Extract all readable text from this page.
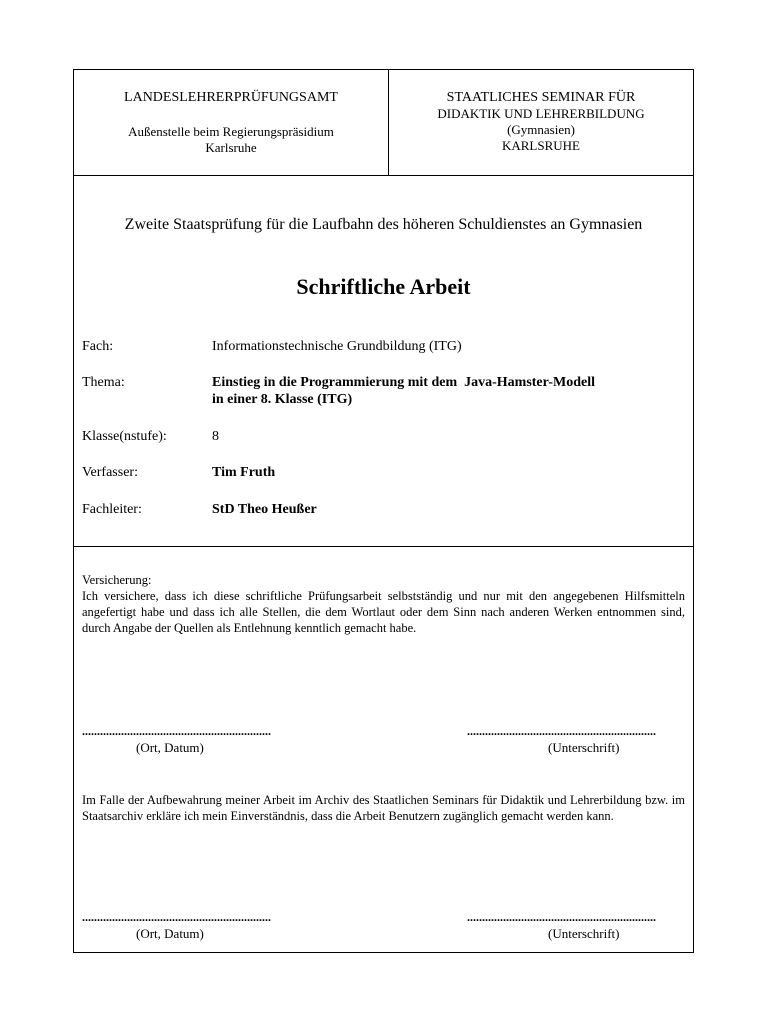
LANDESLEHRERPRÜFUNGSAMT
Außenstelle beim Regierungspräsidium
Karlsruhe
STAATLICHES SEMINAR FÜR
DIDAKTIK UND LEHRERBILDUNG
(Gymnasien)
KARLSRUHE
Zweite Staatsprüfung für die Laufbahn des höheren Schuldienstes an Gymnasien
Schriftliche Arbeit
Fach:	Informationstechnische Grundbildung (ITG)
Thema:	Einstieg in die Programmierung mit dem  Java-Hamster-Modell
in einer 8. Klasse (ITG)
Klasse(nstufe):	8
Verfasser:	Tim Fruth
Fachleiter:	StD Theo Heußer
Versicherung:
Ich versichere, dass ich diese schriftliche Prüfungsarbeit selbstständig und nur mit den angegebenen Hilfsmitteln angefertigt habe und dass ich alle Stellen, die dem Wortlaut oder dem Sinn nach anderen Werken entnommen sind, durch Angabe der Quellen als Entlehnung kenntlich gemacht habe.
...............................................................
(Ort, Datum)
...............................................................
(Unterschrift)
Im Falle der Aufbewahrung meiner Arbeit im Archiv des Staatlichen Seminars für Didaktik und Lehrerbildung bzw. im Staatsarchiv erkläre ich mein Einverständnis, dass die Arbeit Benutzern zugänglich gemacht werden kann.
...............................................................
(Ort, Datum)
...............................................................
(Unterschrift)
